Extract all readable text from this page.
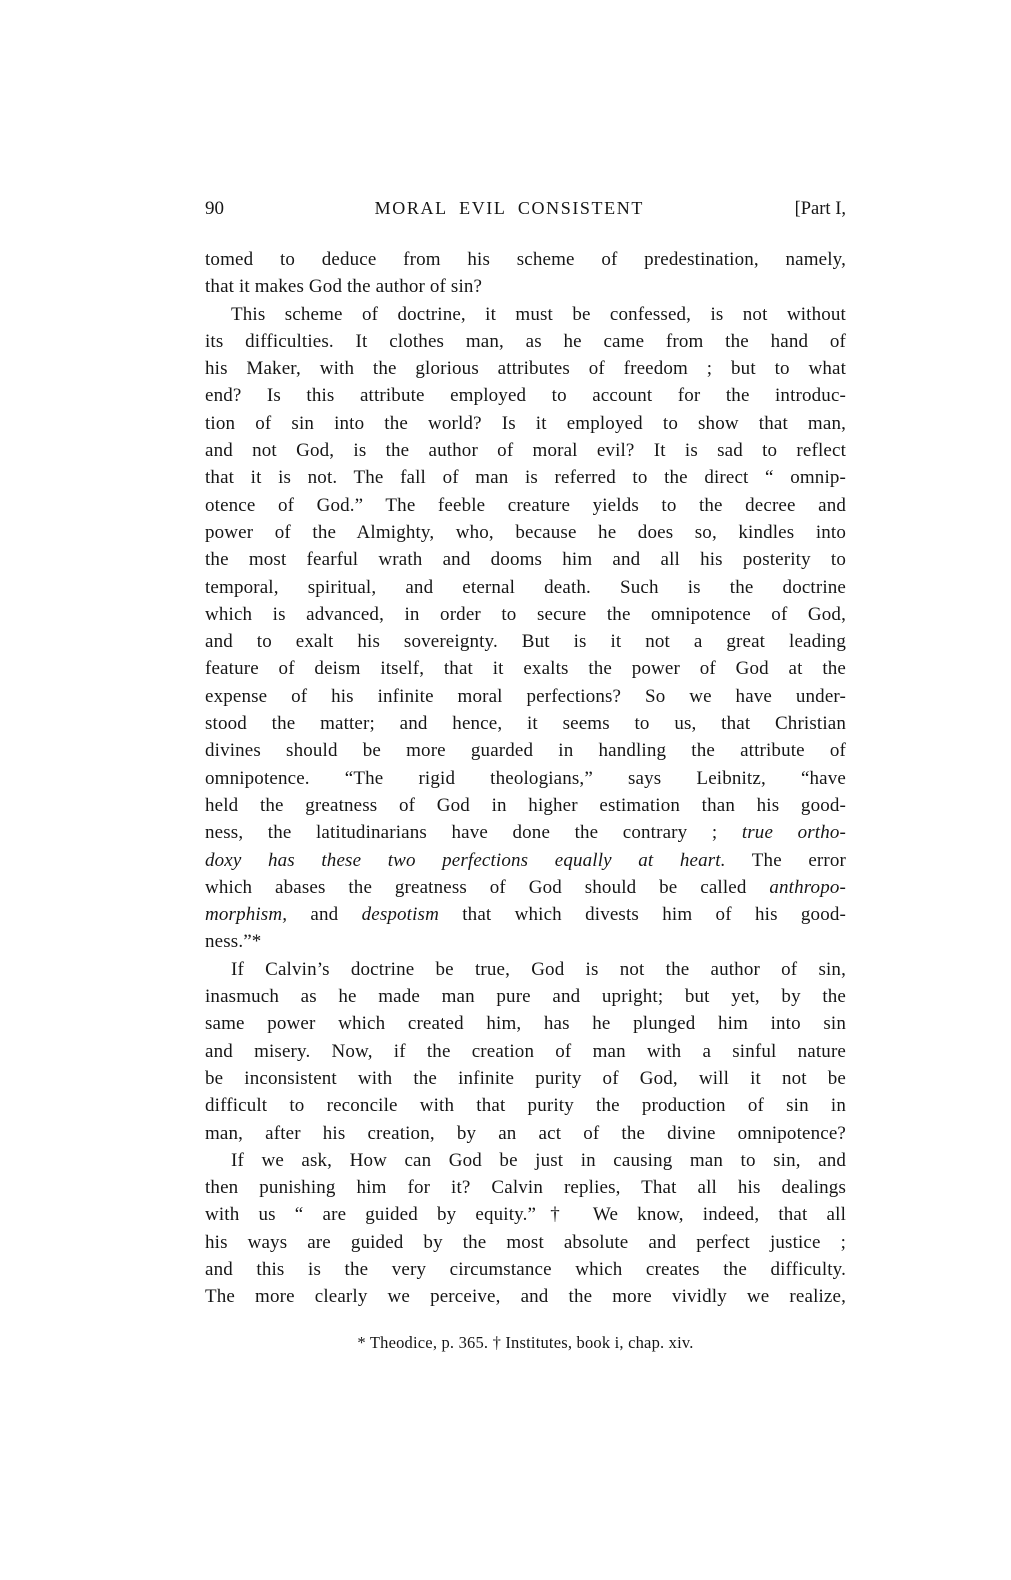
90	MORAL EVIL CONSISTENT	[Part I,
tomed to deduce from his scheme of predestination, namely,
that it makes God the author of sin?
This scheme of doctrine, it must be confessed, is not without
its difficulties. It clothes man, as he came from the hand of
his Maker, with the glorious attributes of freedom ; but to what
end? Is this attribute employed to account for the introduc-
tion of sin into the world? Is it employed to show that man,
and not God, is the author of moral evil? It is sad to reflect
that it is not. The fall of man is referred to the direct “ omnip-
otence of God.” The feeble creature yields to the decree and
power of the Almighty, who, because he does so, kindles into
the most fearful wrath and dooms him and all his posterity to
temporal, spiritual, and eternal death. Such is the doctrine
which is advanced, in order to secure the omnipotence of God,
and to exalt his sovereignty. But is it not a great leading
feature of deism itself, that it exalts the power of God at the
expense of his infinite moral perfections? So we have under-
stood the matter; and hence, it seems to us, that Christian
divines should be more guarded in handling the attribute of
omnipotence. “The rigid theologians,” says Leibnitz, “have
held the greatness of God in higher estimation than his good-
ness, the latitudinarians have done the contrary ; true ortho-
doxy has these two perfections equally at heart. The error
which abases the greatness of God should be called anthropo-
morphism, and despotism that which divests him of his good-
ness.”*
If Calvin’s doctrine be true, God is not the author of sin,
inasmuch as he made man pure and upright; but yet, by the
same power which created him, has he plunged him into sin
and misery. Now, if the creation of man with a sinful nature
be inconsistent with the infinite purity of God, will it not be
difficult to reconcile with that purity the production of sin in
man, after his creation, by an act of the divine omnipotence?
If we ask, How can God be just in causing man to sin, and
then punishing him for it? Calvin replies, That all his dealings
with us “ are guided by equity.”† We know, indeed, that all
his ways are guided by the most absolute and perfect justice ;
and this is the very circumstance which creates the difficulty.
The more clearly we perceive, and the more vividly we realize,
* Theodice, p. 365. † Institutes, book i, chap. xiv.
